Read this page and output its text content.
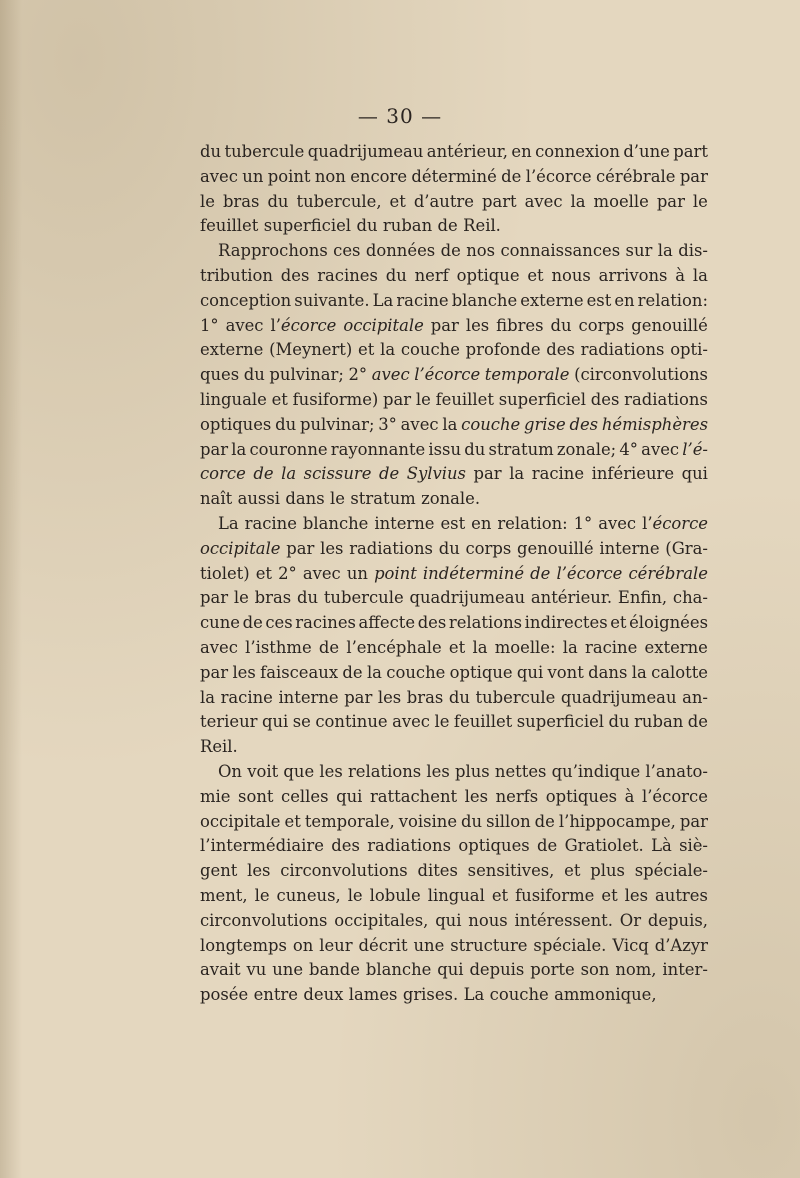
— 30 —
du tubercule quadrijumeau antérieur, en connexion d’une part
avec un point non encore déterminé de l’écorce cérébrale par
le bras du tubercule, et d’autre part avec la moelle par le
feuillet superficiel du ruban de Reil.
Rapprochons ces données de nos connaissances sur la dis-
tribution des racines du nerf optique et nous arrivons à la
conception suivante. La racine blanche externe est en relation:
1° avec l’écorce occipitale par les fibres du corps genouillé
externe (Meynert) et la couche profonde des radiations opti-
ques du pulvinar; 2° avec l’écorce temporale (circonvolutions
linguale et fusiforme) par le feuillet superficiel des radiations
optiques du pulvinar; 3° avec la couche grise des hémisphères
par la couronne rayonnante issu du stratum zonale; 4° avec l’é-
corce de la scissure de Sylvius par la racine inférieure qui
naît aussi dans le stratum zonale.
La racine blanche interne est en relation: 1° avec l’écorce
occipitale par les radiations du corps genouillé interne (Gra-
tiolet) et 2° avec un point indéterminé de l’écorce cérébrale
par le bras du tubercule quadrijumeau antérieur. Enfin, cha-
cune de ces racines affecte des relations indirectes et éloignées
avec l’isthme de l’encéphale et la moelle: la racine externe
par les faisceaux de la couche optique qui vont dans la calotte
la racine interne par les bras du tubercule quadrijumeau an-
terieur qui se continue avec le feuillet superficiel du ruban de
Reil.
On voit que les relations les plus nettes qu’indique l’anato-
mie sont celles qui rattachent les nerfs optiques à l’écorce
occipitale et temporale, voisine du sillon de l’hippocampe, par
l’intermédiaire des radiations optiques de Gratiolet. Là siè-
gent les circonvolutions dites sensitives, et plus spéciale-
ment, le cuneus, le lobule lingual et fusiforme et les autres
circonvolutions occipitales, qui nous intéressent. Or depuis,
longtemps on leur décrit une structure spéciale. Vicq d’Azyr
avait vu une bande blanche qui depuis porte son nom, inter-
posée entre deux lames grises. La couche ammonique,
